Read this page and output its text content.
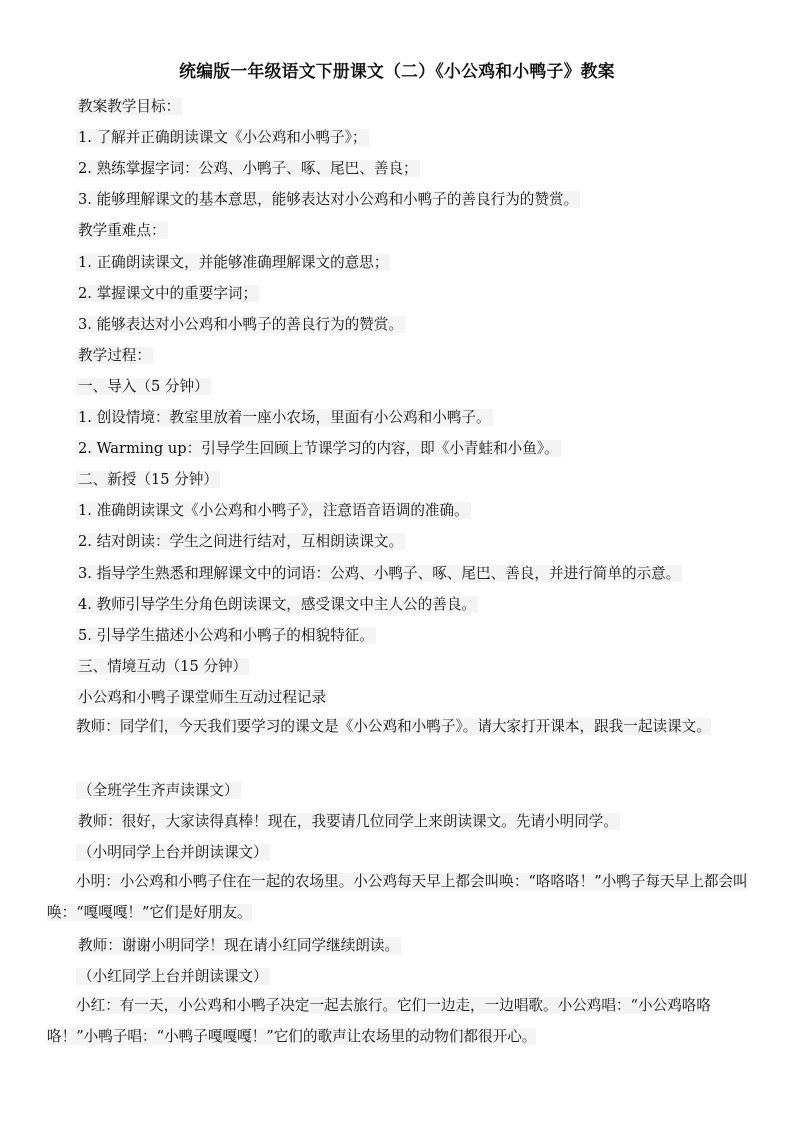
统编版一年级语文下册课文（二）《小公鸡和小鸭子》教案
教案教学目标：
1. 了解并正确朗读课文《小公鸡和小鸭子》；
2. 熟练掌握字词：公鸡、小鸭子、啄、尾巴、善良；
3. 能够理解课文的基本意思，能够表达对小公鸡和小鸭子的善良行为的赞赏。
教学重难点：
1. 正确朗读课文，并能够准确理解课文的意思；
2. 掌握课文中的重要字词；
3. 能够表达对小公鸡和小鸭子的善良行为的赞赏。
教学过程：
一、导入（5 分钟）
1. 创设情境：教室里放着一座小农场，里面有小公鸡和小鸭子。
2. Warming up：引导学生回顾上节课学习的内容，即《小青蛙和小鱼》。
二、新授（15 分钟）
1. 准确朗读课文《小公鸡和小鸭子》，注意语音语调的准确。
2. 结对朗读：学生之间进行结对，互相朗读课文。
3. 指导学生熟悉和理解课文中的词语：公鸡、小鸭子、啄、尾巴、善良，并进行简单的示意。
4. 教师引导学生分角色朗读课文，感受课文中主人公的善良。
5. 引导学生描述小公鸡和小鸭子的相貌特征。
三、情境互动（15 分钟）
小公鸡和小鸭子课堂师生互动过程记录
教师：同学们，今天我们要学习的课文是《小公鸡和小鸭子》。请大家打开课本，跟我一起读课文。
（全班学生齐声读课文）
教师：很好，大家读得真棒！现在，我要请几位同学上来朗读课文。先请小明同学。
（小明同学上台并朗读课文）
小明：小公鸡和小鸭子住在一起的农场里。小公鸡每天早上都会叫唤：“咯咯咯！”小鸭子每天早上都会叫唤：“嘎嘎嘎！”它们是好朋友。
教师：谢谢小明同学！现在请小红同学继续朗读。
（小红同学上台并朗读课文）
小红：有一天，小公鸡和小鸭子决定一起去旅行。它们一边走，一边唱歌。小公鸡唱：“小公鸡咯咯咯！”小鸭子唱：“小鸭子嘎嘎嘎！”它们的歌声让农场里的动物们都很开心。
